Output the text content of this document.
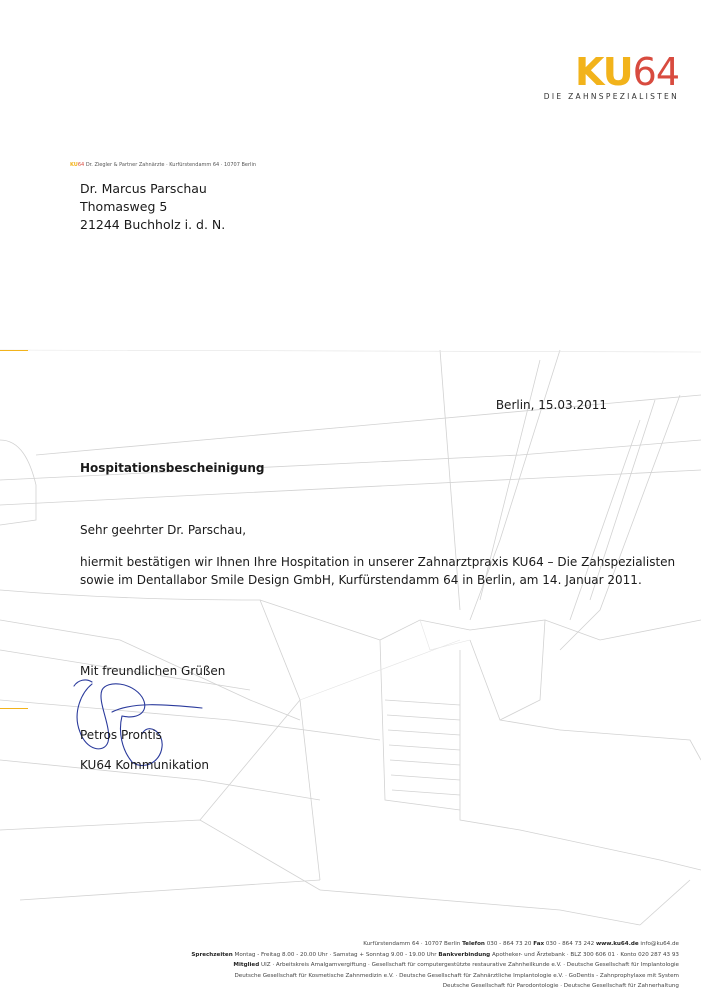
KU64
DIE ZAHNSPEZIALISTEN
KU64 Dr. Ziegler & Partner Zahnärzte · Kurfürstendamm 64 · 10707 Berlin
Dr. Marcus Parschau
Thomasweg 5
21244 Buchholz i. d. N.
Berlin, 15.03.2011
Hospitationsbescheinigung
Sehr geehrter Dr. Parschau,
hiermit bestätigen wir Ihnen Ihre Hospitation in unserer Zahnarztpraxis KU64 – Die Zahspezialisten
sowie im Dentallabor Smile Design GmbH, Kurfürstendamm 64 in Berlin, am 14. Januar 2011.
Mit freundlichen Grüßen
Petros Prontis
KU64 Kommunikation
Kurfürstendamm 64 · 10707 Berlin Telefon 030 - 864 73 20 Fax 030 - 864 73 242 www.ku64.de info@ku64.de
Sprechzeiten Montag - Freitag 8.00 - 20.00 Uhr · Samstag + Sonntag 9.00 - 19.00 Uhr Bankverbindung Apotheker- und Ärztebank · BLZ 300 606 01 · Konto 020 287 43 93
Mitglied UIZ · Arbeitskreis Amalgamvergiftung · Gesellschaft für computergestützte restaurative Zahnheilkunde e.V. · Deutsche Gesellschaft für Implantologie
Deutsche Gesellschaft für Kosmetische Zahnmedizin e.V. · Deutsche Gesellschaft für Zahnärztliche Implantologie e.V. · GoDentis - Zahnprophylaxe mit System
Deutsche Gesellschaft für Parodontologie · Deutsche Gesellschaft für Zahnerhaltung
